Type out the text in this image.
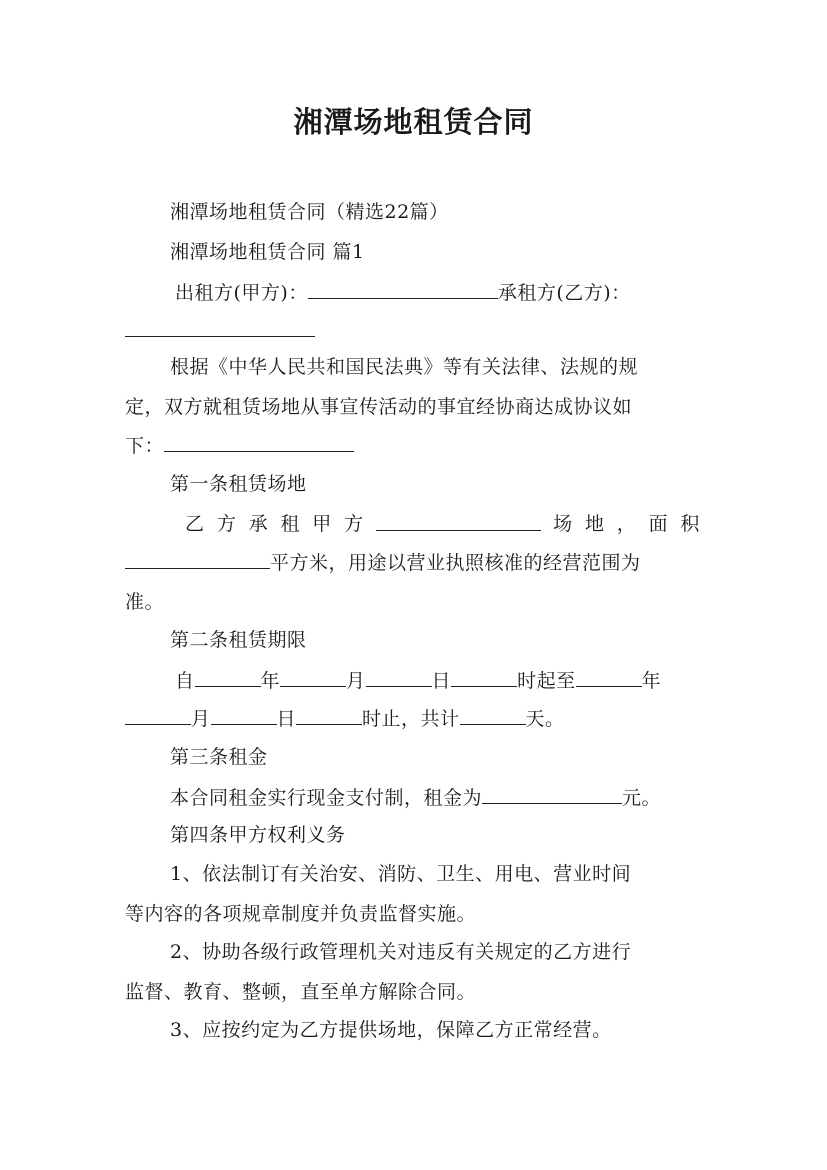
湘潭场地租赁合同
湘潭场地租赁合同（精选22篇）
湘潭场地租赁合同 篇1
出租方(甲方)：	承租方(乙方)：
根据《中华人民共和国民法典》等有关法律、法规的规
定，双方就租赁场地从事宣传活动的事宜经协商达成协议如
下：
第一条租赁场地
乙 方 承 租 甲 方	场 地 ， 面 积
平方米，用途以营业执照核准的经营范围为
准。
第二条租赁期限
自	年	月	日	时起至	年
月	日	时止，共计	天。
第三条租金
本合同租金实行现金支付制，租金为	元。
第四条甲方权利义务
1、依法制订有关治安、消防、卫生、用电、营业时间
等内容的各项规章制度并负责监督实施。
2、协助各级行政管理机关对违反有关规定的乙方进行
监督、教育、整顿，直至单方解除合同。
3、应按约定为乙方提供场地，保障乙方正常经营。
